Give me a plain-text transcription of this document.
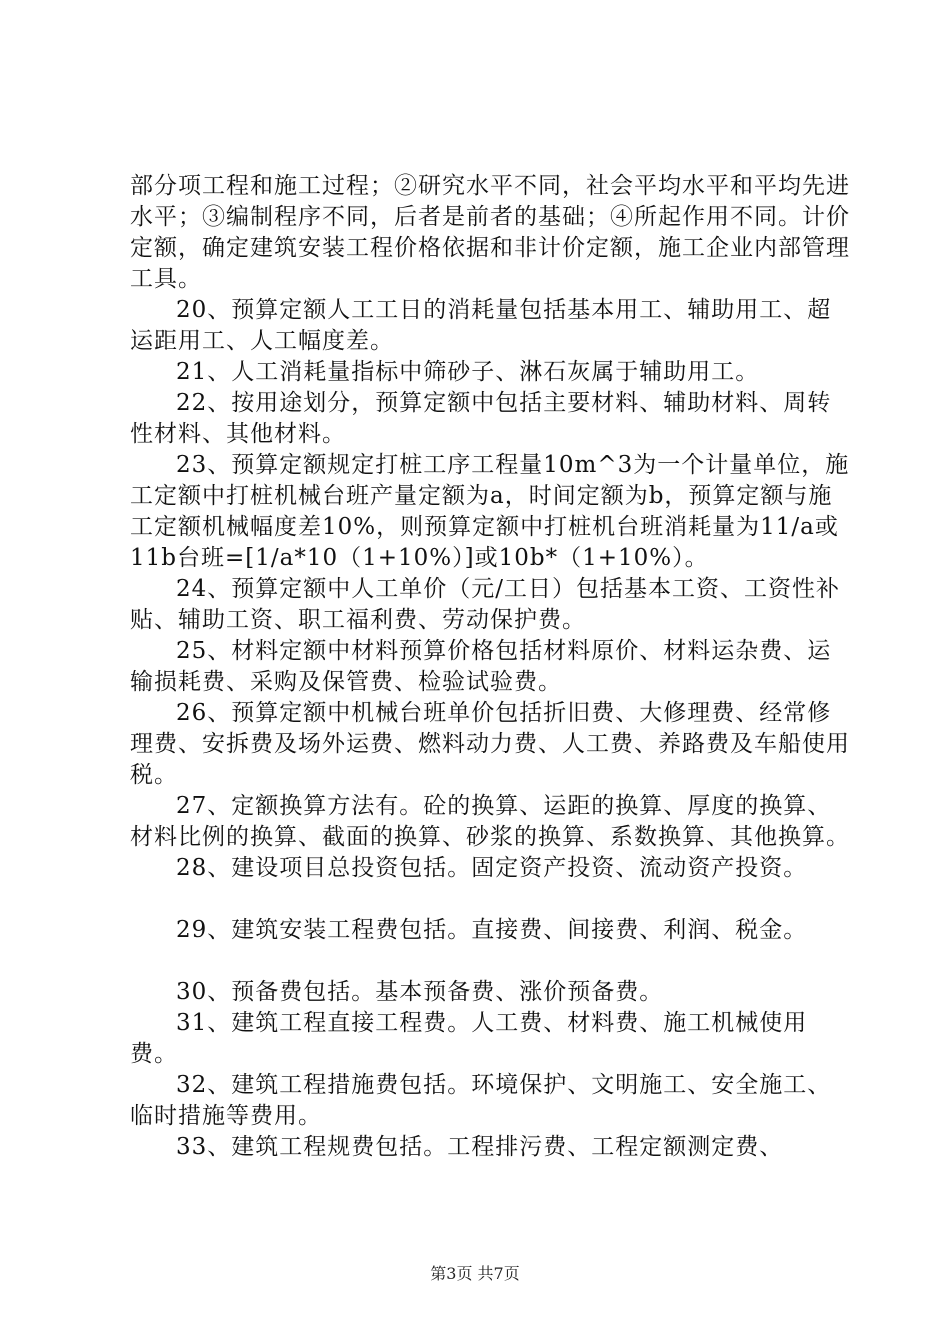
部分项工程和施工过程；②研究水平不同，社会平均水平和平均先进水平；③编制程序不同，后者是前者的基础；④所起作用不同。计价定额，确定建筑安装工程价格依据和非计价定额，施工企业内部管理工具。

20、预算定额人工工日的消耗量包括基本用工、辅助用工、超运距用工、人工幅度差。

21、人工消耗量指标中筛砂子、淋石灰属于辅助用工。

22、按用途划分，预算定额中包括主要材料、辅助材料、周转性材料、其他材料。

23、预算定额规定打桩工序工程量10m^3为一个计量单位，施工定额中打桩机械台班产量定额为a，时间定额为b，预算定额与施工定额机械幅度差10%，则预算定额中打桩机台班消耗量为11/a或11b台班=[1/a*10（1+10%）]或10b*（1+10%）。

24、预算定额中人工单价（元/工日）包括基本工资、工资性补贴、辅助工资、职工福利费、劳动保护费。

25、材料定额中材料预算价格包括材料原价、材料运杂费、运输损耗费、采购及保管费、检验试验费。

26、预算定额中机械台班单价包括折旧费、大修理费、经常修理费、安拆费及场外运费、燃料动力费、人工费、养路费及车船使用税。

27、定额换算方法有。砼的换算、运距的换算、厚度的换算、材料比例的换算、截面的换算、砂浆的换算、系数换算、其他换算。

28、建设项目总投资包括。固定资产投资、流动资产投资。

29、建筑安装工程费包括。直接费、间接费、利润、税金。

30、预备费包括。基本预备费、涨价预备费。

31、建筑工程直接工程费。人工费、材料费、施工机械使用费。

32、建筑工程措施费包括。环境保护、文明施工、安全施工、临时措施等费用。

33、建筑工程规费包括。工程排污费、工程定额测定费、

第3页 共7页
